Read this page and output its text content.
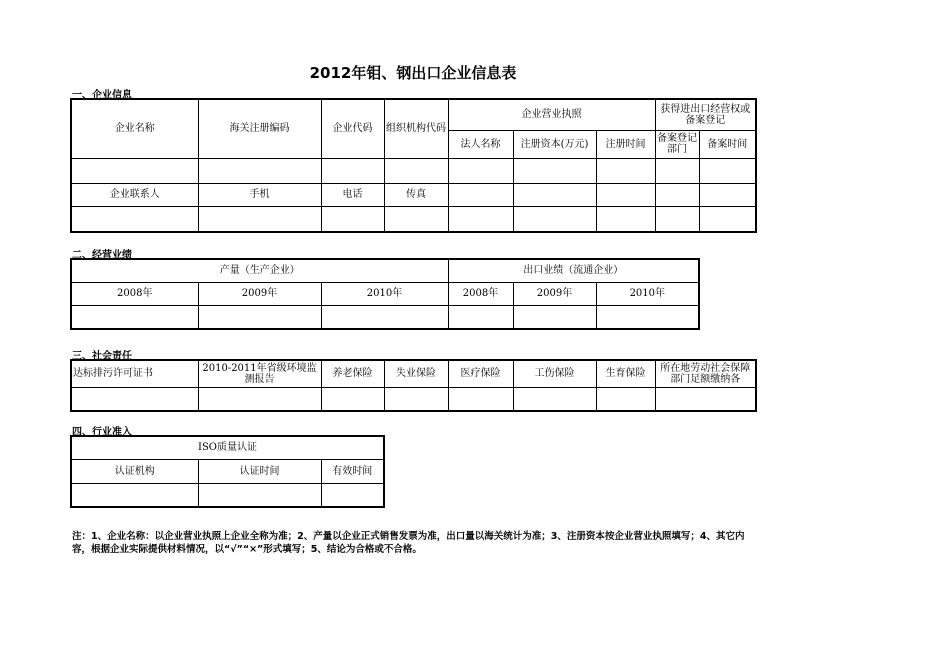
2012年钼、钢出口企业信息表
一、企业信息
企业名称	海关注册编码	企业代码	组织机构代码	企业营业执照			获得进出口经营权或备案登记	
				法人名称	注册资本(万元)	注册时间	备案登记部门	备案时间

企业联系人	手机	电话	传真					

二、经营业绩
产量（生产企业）			出口业绩（流通企业）		
2008年	2009年	2010年	2008年	2009年	2010年

三、社会责任
达标排污许可证书	2010-2011年省级环境监测报告	养老保险	失业保险	医疗保险	工伤保险	生育保险	所在地劳动社会保障部门足额缴纳各

四、行业准入
ISO质量认证		
认证机构	认证时间	有效时间

注：1、企业名称：以企业营业执照上企业全称为准；2、产量以企业正式销售发票为准，出口量以海关统计为准；3、注册资本按企业营业执照填写；4、其它内容，根据企业实际提供材料情况，以“√”“×”形式填写；5、结论为合格或不合格。
